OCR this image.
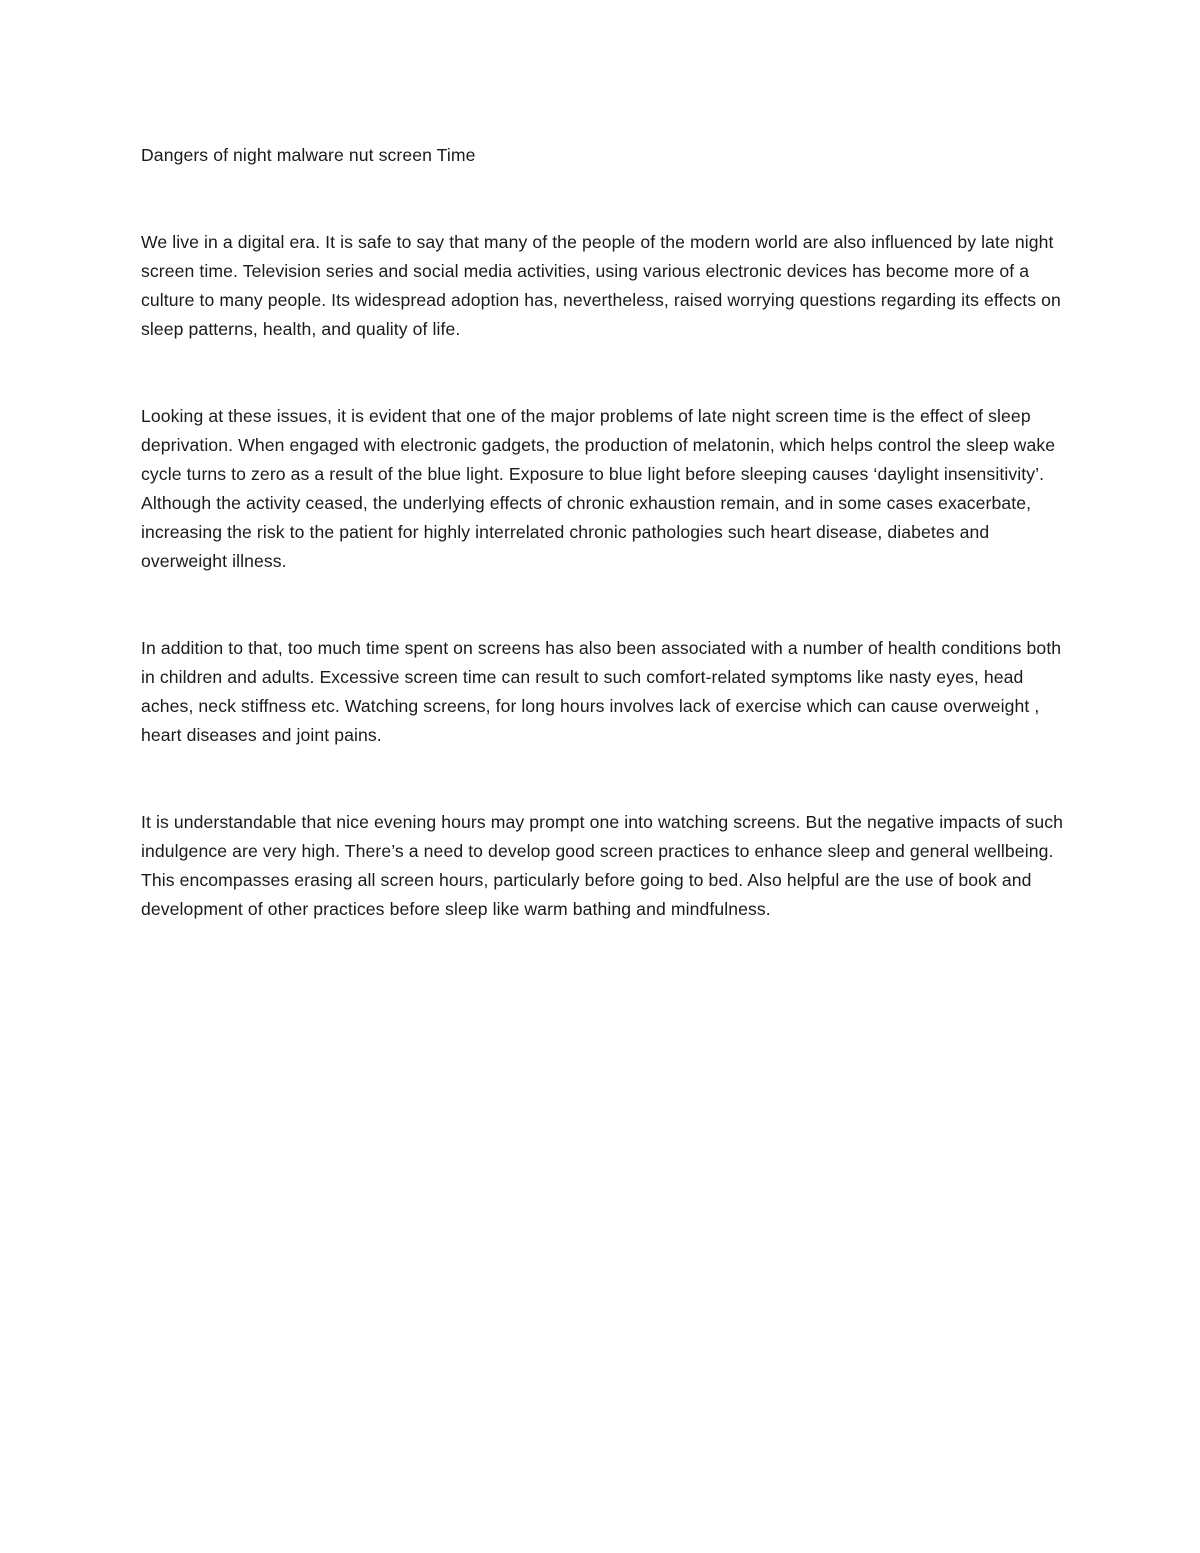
Dangers of night malware nut screen Time

We live in a digital era. It is safe to say that many of the people of the modern world are also influenced by late night screen time. Television series and social media activities, using various electronic devices has become more of a culture to many people. Its widespread adoption has, nevertheless, raised worrying questions regarding its effects on sleep patterns, health, and quality of life.

Looking at these issues, it is evident that one of the major problems of late night screen time is the effect of sleep deprivation. When engaged with electronic gadgets, the production of melatonin, which helps control the sleep wake cycle turns to zero as a result of the blue light. Exposure to blue light before sleeping causes ‘daylight insensitivity’. Although the activity ceased, the underlying effects of chronic exhaustion remain, and in some cases exacerbate, increasing the risk to the patient for highly interrelated chronic pathologies such heart disease, diabetes and overweight illness.

In addition to that, too much time spent on screens has also been associated with a number of health conditions both in children and adults. Excessive screen time can result to such comfort-related symptoms like nasty eyes, head aches, neck stiffness etc. Watching screens, for long hours involves lack of exercise which can cause overweight , heart diseases and joint pains.

It is understandable that nice evening hours may prompt one into watching screens. But the negative impacts of such indulgence are very high. There’s a need to develop good screen practices to enhance sleep and general wellbeing. This encompasses erasing all screen hours, particularly before going to bed. Also helpful are the use of book and development of other practices before sleep like warm bathing and mindfulness.
